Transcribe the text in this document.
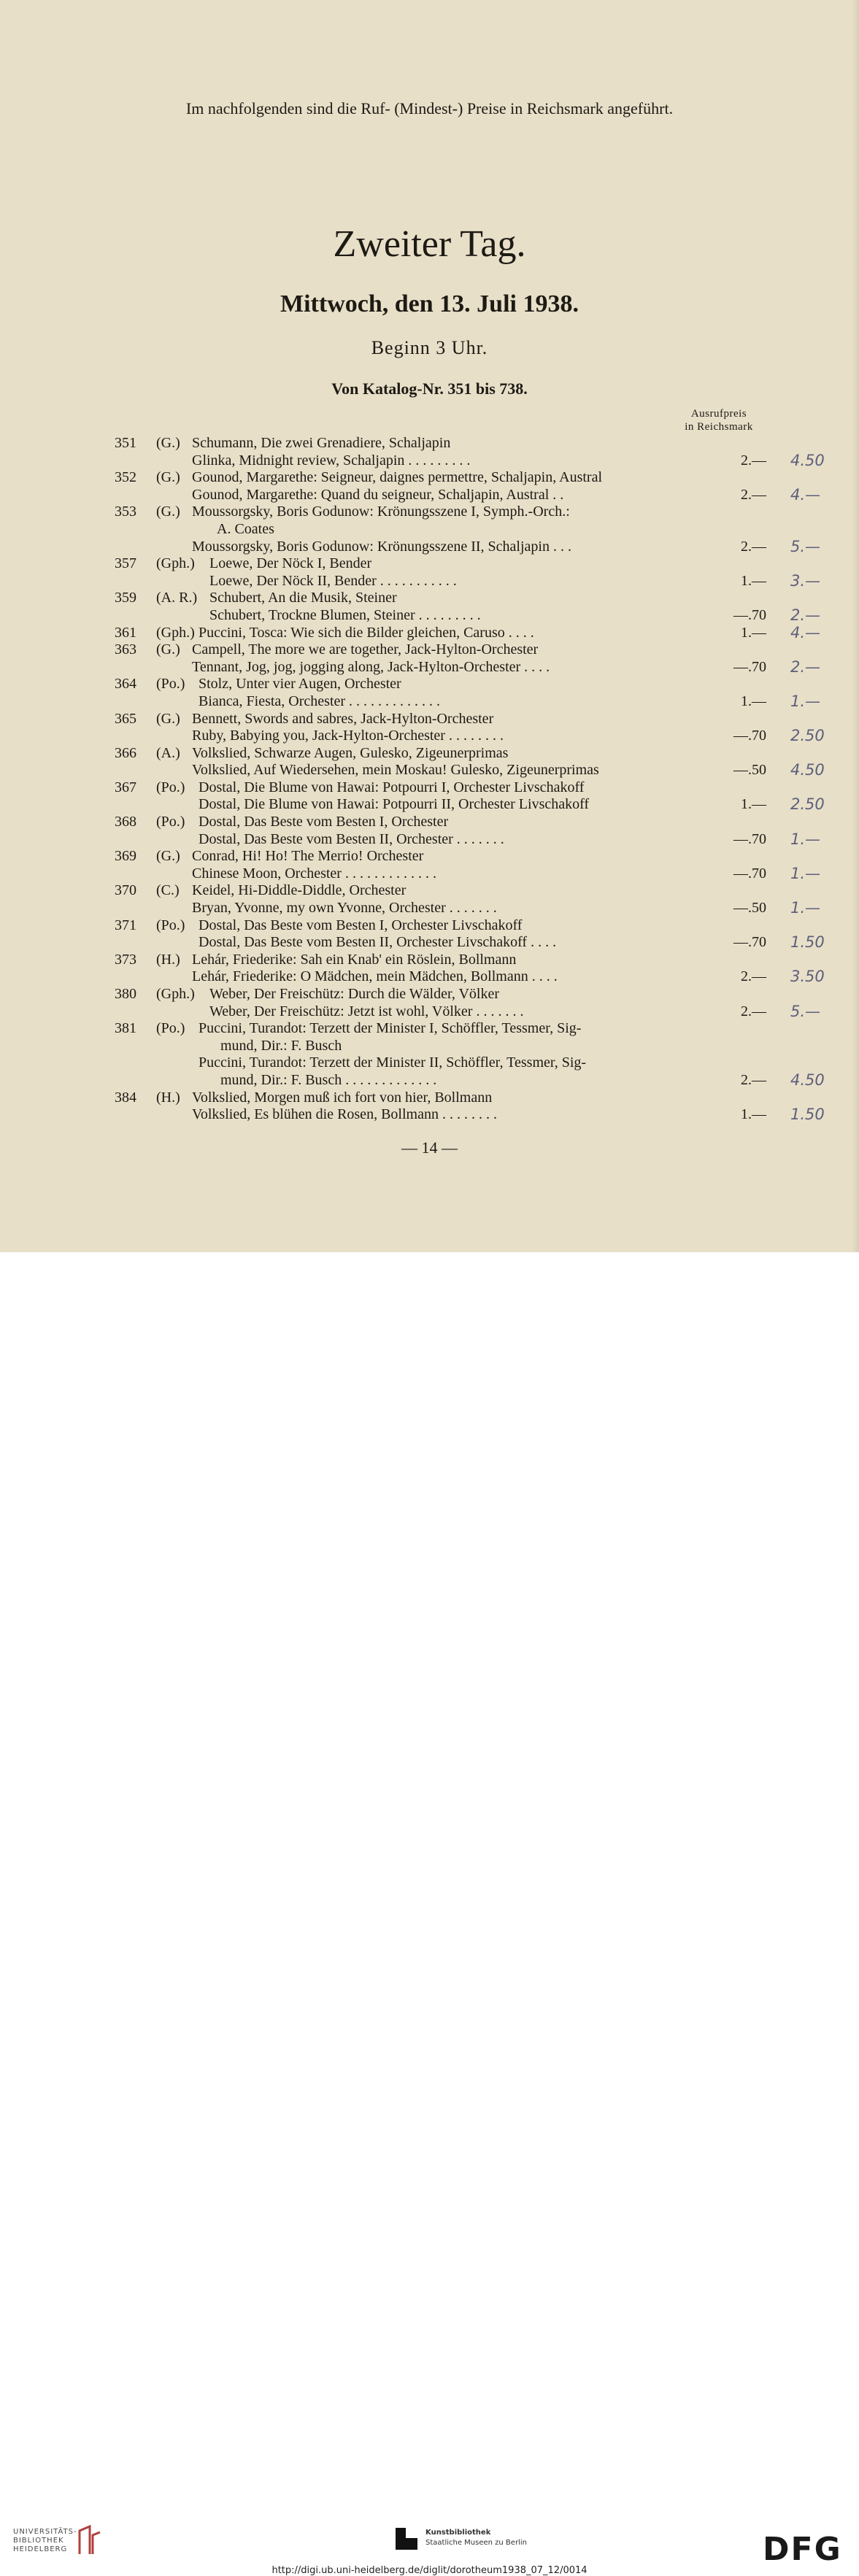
Im nachfolgenden sind die Ruf- (Mindest-) Preise in Reichsmark angeführt.
Zweiter Tag.
Mittwoch, den 13. Juli 1938.
Beginn 3 Uhr.
Von Katalog-Nr. 351 bis 738.
Ausrufpreis
in Reichsmark
351 (G.) Schumann, Die zwei Grenadiere, Schaljapin
Glinka, Midnight review, Schaljapin . . . . . . . . .	2.— 4.50
352 (G.) Gounod, Margarethe: Seigneur, daignes permettre, Schaljapin, Austral
Gounod, Margarethe: Quand du seigneur, Schaljapin, Austral . .	2.— 4.—
353 (G.) Moussorgsky, Boris Godunow: Krönungsszene I, Symph.-Orch.:
A. Coates
Moussorgsky, Boris Godunow: Krönungsszene II, Schaljapin . . .	2.— 5.—
357 (Gph.) Loewe, Der Nöck I, Bender
Loewe, Der Nöck II, Bender . . . . . . . . . . .	1.— 3.—
359 (A. R.) Schubert, An die Musik, Steiner
Schubert, Trockne Blumen, Steiner . . . . . . . . .	—.70 2.—
361 (Gph.) Puccini, Tosca: Wie sich die Bilder gleichen, Caruso . . . .	1.— 4.—
363 (G.) Campell, The more we are together, Jack-Hylton-Orchester
Tennant, Jog, jog, jogging along, Jack-Hylton-Orchester . . . .	—.70 2.—
364 (Po.) Stolz, Unter vier Augen, Orchester
Bianca, Fiesta, Orchester . . . . . . . . . . . . .	1.— 1.—
365 (G.) Bennett, Swords and sabres, Jack-Hylton-Orchester
Ruby, Babying you, Jack-Hylton-Orchester . . . . . . . .	—.70 2.50
366 (A.) Volkslied, Schwarze Augen, Gulesko, Zigeunerprimas
Volkslied, Auf Wiedersehen, mein Moskau! Gulesko, Zigeunerprimas	—.50 4.50
367 (Po.) Dostal, Die Blume von Hawai: Potpourri I, Orchester Livschakoff
Dostal, Die Blume von Hawai: Potpourri II, Orchester Livschakoff	1.— 2.50
368 (Po.) Dostal, Das Beste vom Besten I, Orchester
Dostal, Das Beste vom Besten II, Orchester . . . . . . .	—.70 1.—
369 (G.) Conrad, Hi! Ho! The Merrio! Orchester
Chinese Moon, Orchester . . . . . . . . . . . . .	—.70 1.—
370 (C.) Keidel, Hi-Diddle-Diddle, Orchester
Bryan, Yvonne, my own Yvonne, Orchester . . . . . . .	—.50 1.—
371 (Po.) Dostal, Das Beste vom Besten I, Orchester Livschakoff
Dostal, Das Beste vom Besten II, Orchester Livschakoff . . . .	—.70 1.50
373 (H.) Lehár, Friederike: Sah ein Knab' ein Röslein, Bollmann
Lehár, Friederike: O Mädchen, mein Mädchen, Bollmann . . . .	2.— 3.50
380 (Gph.) Weber, Der Freischütz: Durch die Wälder, Völker
Weber, Der Freischütz: Jetzt ist wohl, Völker . . . . . . .	2.— 5.—
381 (Po.) Puccini, Turandot: Terzett der Minister I, Schöffler, Tessmer, Sig-
mund, Dir.: F. Busch
Puccini, Turandot: Terzett der Minister II, Schöffler, Tessmer, Sig-
mund, Dir.: F. Busch . . . . . . . . . . . . .	2.— 4.50
384 (H.) Volkslied, Morgen muß ich fort von hier, Bollmann
Volkslied, Es blühen die Rosen, Bollmann . . . . . . . .	1.— 1.50
— 14 —
UNIVERSITÄTS-
BIBLIOTHEK
HEIDELBERG
Kunstbibliothek
Staatliche Museen zu Berlin	DFG
http://digi.ub.uni-heidelberg.de/diglit/dorotheum1938_07_12/0014
